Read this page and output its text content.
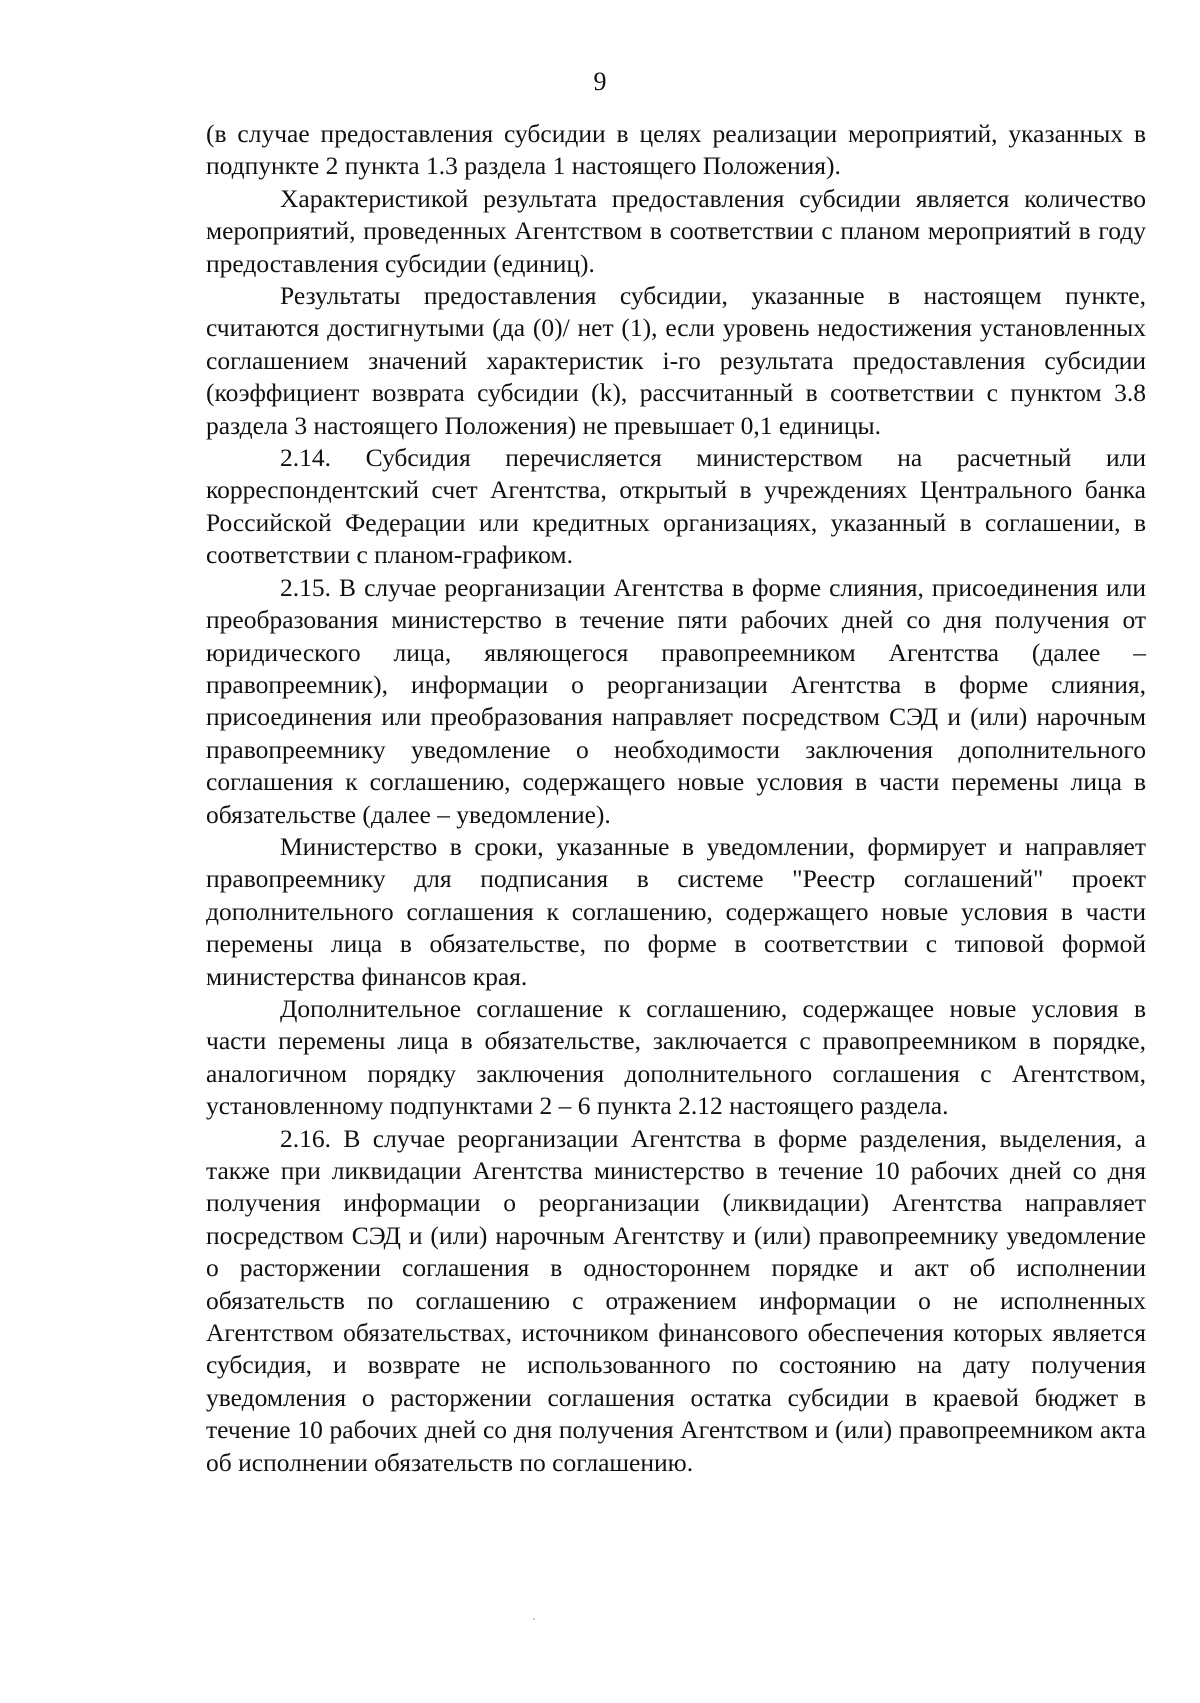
9

(в случае предоставления субсидии в целях реализации мероприятий, указанных в подпункте 2 пункта 1.3 раздела 1 настоящего Положения).

Характеристикой результата предоставления субсидии является количество мероприятий, проведенных Агентством в соответствии с планом мероприятий в году предоставления субсидии (единиц).

Результаты предоставления субсидии, указанные в настоящем пункте, считаются достигнутыми (да (0)/ нет (1), если уровень недостижения установленных соглашением значений характеристик i-го результата предоставления субсидии (коэффициент возврата субсидии (k), рассчитанный в соответствии с пунктом 3.8 раздела 3 настоящего Положения) не превышает 0,1 единицы.

2.14. Субсидия перечисляется министерством на расчетный или корреспондентский счет Агентства, открытый в учреждениях Центрального банка Российской Федерации или кредитных организациях, указанный в соглашении, в соответствии с планом-графиком.

2.15. В случае реорганизации Агентства в форме слияния, присоединения или преобразования министерство в течение пяти рабочих дней со дня получения от юридического лица, являющегося правопреемником Агентства (далее – правопреемник), информации о реорганизации Агентства в форме слияния, присоединения или преобразования направляет посредством СЭД и (или) нарочным правопреемнику уведомление о необходимости заключения дополнительного соглашения к соглашению, содержащего новые условия в части перемены лица в обязательстве (далее – уведомление).

Министерство в сроки, указанные в уведомлении, формирует и направляет правопреемнику для подписания в системе "Реестр соглашений" проект дополнительного соглашения к соглашению, содержащего новые условия в части перемены лица в обязательстве, по форме в соответствии с типовой формой министерства финансов края.

Дополнительное соглашение к соглашению, содержащее новые условия в части перемены лица в обязательстве, заключается с правопреемником в порядке, аналогичном порядку заключения дополнительного соглашения с Агентством, установленному подпунктами 2 – 6 пункта 2.12 настоящего раздела.

2.16. В случае реорганизации Агентства в форме разделения, выделения, а также при ликвидации Агентства министерство в течение 10 рабочих дней со дня получения информации о реорганизации (ликвидации) Агентства направляет посредством СЭД и (или) нарочным Агентству и (или) правопреемнику уведомление о расторжении соглашения в одностороннем порядке и акт об исполнении обязательств по соглашению с отражением информации о не исполненных Агентством обязательствах, источником финансового обеспечения которых является субсидия, и возврате не использованного по состоянию на дату получения уведомления о расторжении соглашения остатка субсидии в краевой бюджет в течение 10 рабочих дней со дня получения Агентством и (или) правопреемником акта об исполнении обязательств по соглашению.
